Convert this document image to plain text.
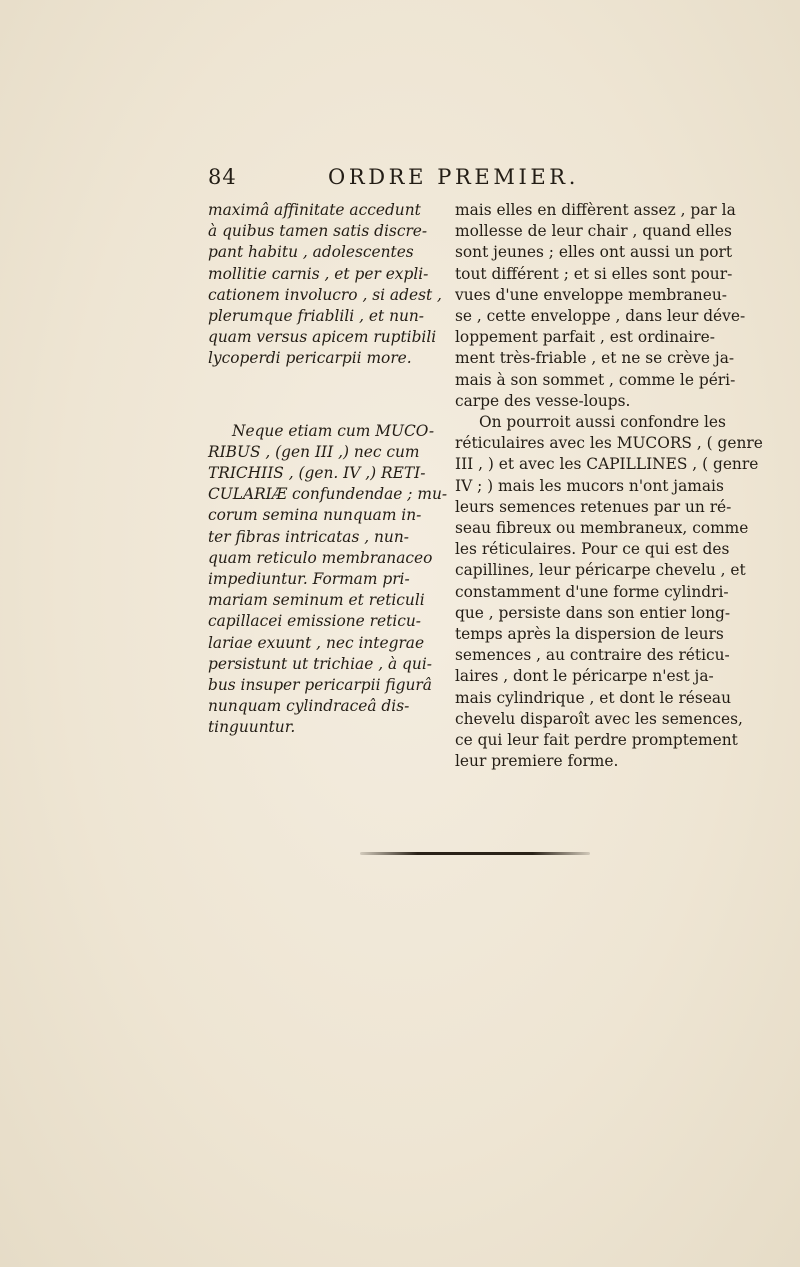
84	ORDRE PREMIER.

maximâ affinitate accedunt
à quibus tamen satis discre-
pant habitu , adolescentes
mollitie carnis , et per expli-
cationem involucro , si adest ,
plerumque friablili , et nun-
quam versus apicem ruptibili
lycoperdi pericarpii more.

Neque etiam cum MUCO-
RIBUS , (gen III ,) nec cum
TRICHIIS , (gen. IV ,) RETI-
CULARIÆ confundendae ; mu-
corum semina nunquam in-
ter fibras intricatas , nun-
quam reticulo membranaceo
impediuntur. Formam pri-
mariam seminum et reticuli
capillacei emissione reticu-
lariae exuunt , nec integrae
persistunt ut trichiae , à qui-
bus insuper pericarpii figurâ
nunquam cylindraceâ dis-
tinguuntur.

mais elles en diffèrent assez , par la
mollesse de leur chair , quand elles
sont jeunes ; elles ont aussi un port
tout différent ; et si elles sont pour-
vues d'une enveloppe membraneu-
se , cette enveloppe , dans leur déve-
loppement parfait , est ordinaire-
ment très-friable , et ne se crève ja-
mais à son sommet , comme le péri-
carpe des vesse-loups.

On pourroit aussi confondre les
réticulaires avec les MUCORS , ( genre
III , ) et avec les CAPILLINES , ( genre
IV ; ) mais les mucors n'ont jamais
leurs semences retenues par un ré-
seau fibreux ou membraneux, comme
les réticulaires. Pour ce qui est des
capillines, leur péricarpe chevelu , et
constamment d'une forme cylindri-
que , persiste dans son entier long-
temps après la dispersion de leurs
semences , au contraire des réticu-
laires , dont le péricarpe n'est ja-
mais cylindrique , et dont le réseau
chevelu disparoît avec les semences,
ce qui leur fait perdre promptement
leur premiere forme.
